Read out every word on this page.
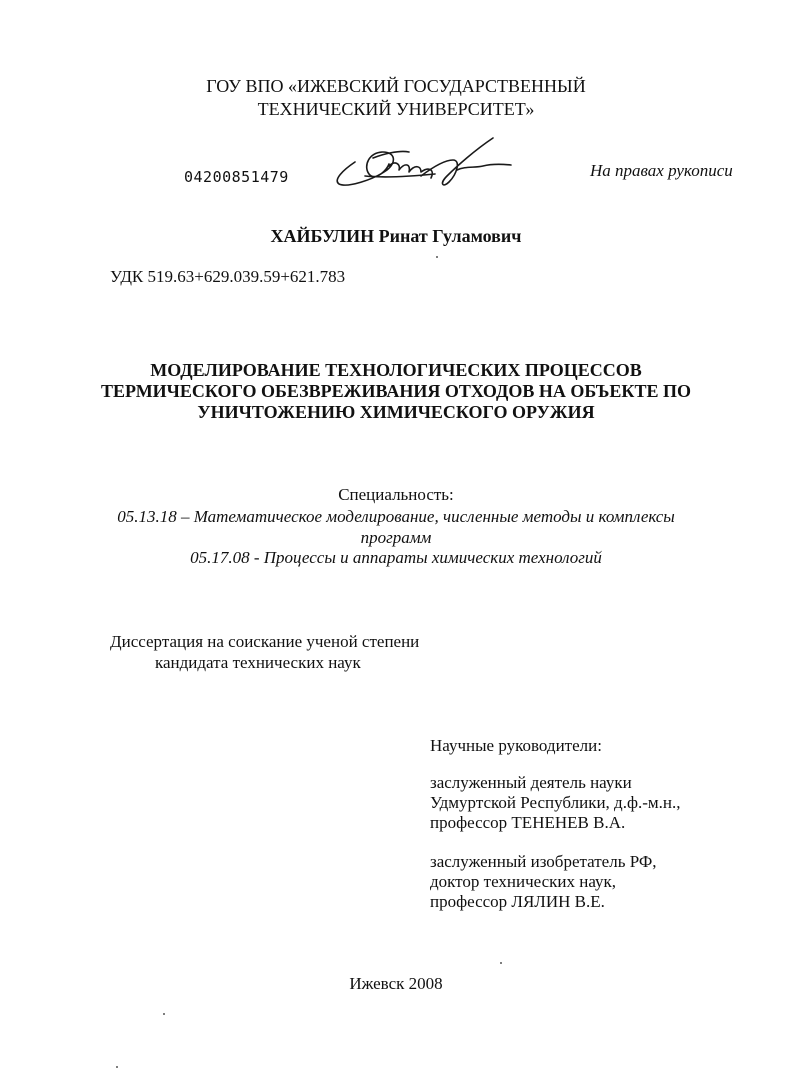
ГОУ ВПО «ИЖЕВСКИЙ ГОСУДАРСТВЕННЫЙ
ТЕХНИЧЕСКИЙ УНИВЕРСИТЕТ»
04200851479	На правах рукописи
ХАЙБУЛИН Ринат Гуламович
УДК 519.63+629.039.59+621.783
МОДЕЛИРОВАНИЕ ТЕХНОЛОГИЧЕСКИХ ПРОЦЕССОВ
ТЕРМИЧЕСКОГО ОБЕЗВРЕЖИВАНИЯ ОТХОДОВ НА ОБЪЕКТЕ ПО
УНИЧТОЖЕНИЮ ХИМИЧЕСКОГО ОРУЖИЯ
Специальность:
05.13.18 – Математическое моделирование, численные методы и комплексы
программ
05.17.08 - Процессы и аппараты химических технологий
Диссертация на соискание ученой степени
кандидата технических наук
Научные руководители:
заслуженный деятель науки
Удмуртской Республики, д.ф.-м.н.,
профессор ТЕНЕНЕВ В.А.
заслуженный изобретатель РФ,
доктор технических наук,
профессор ЛЯЛИН В.Е.
Ижевск 2008
